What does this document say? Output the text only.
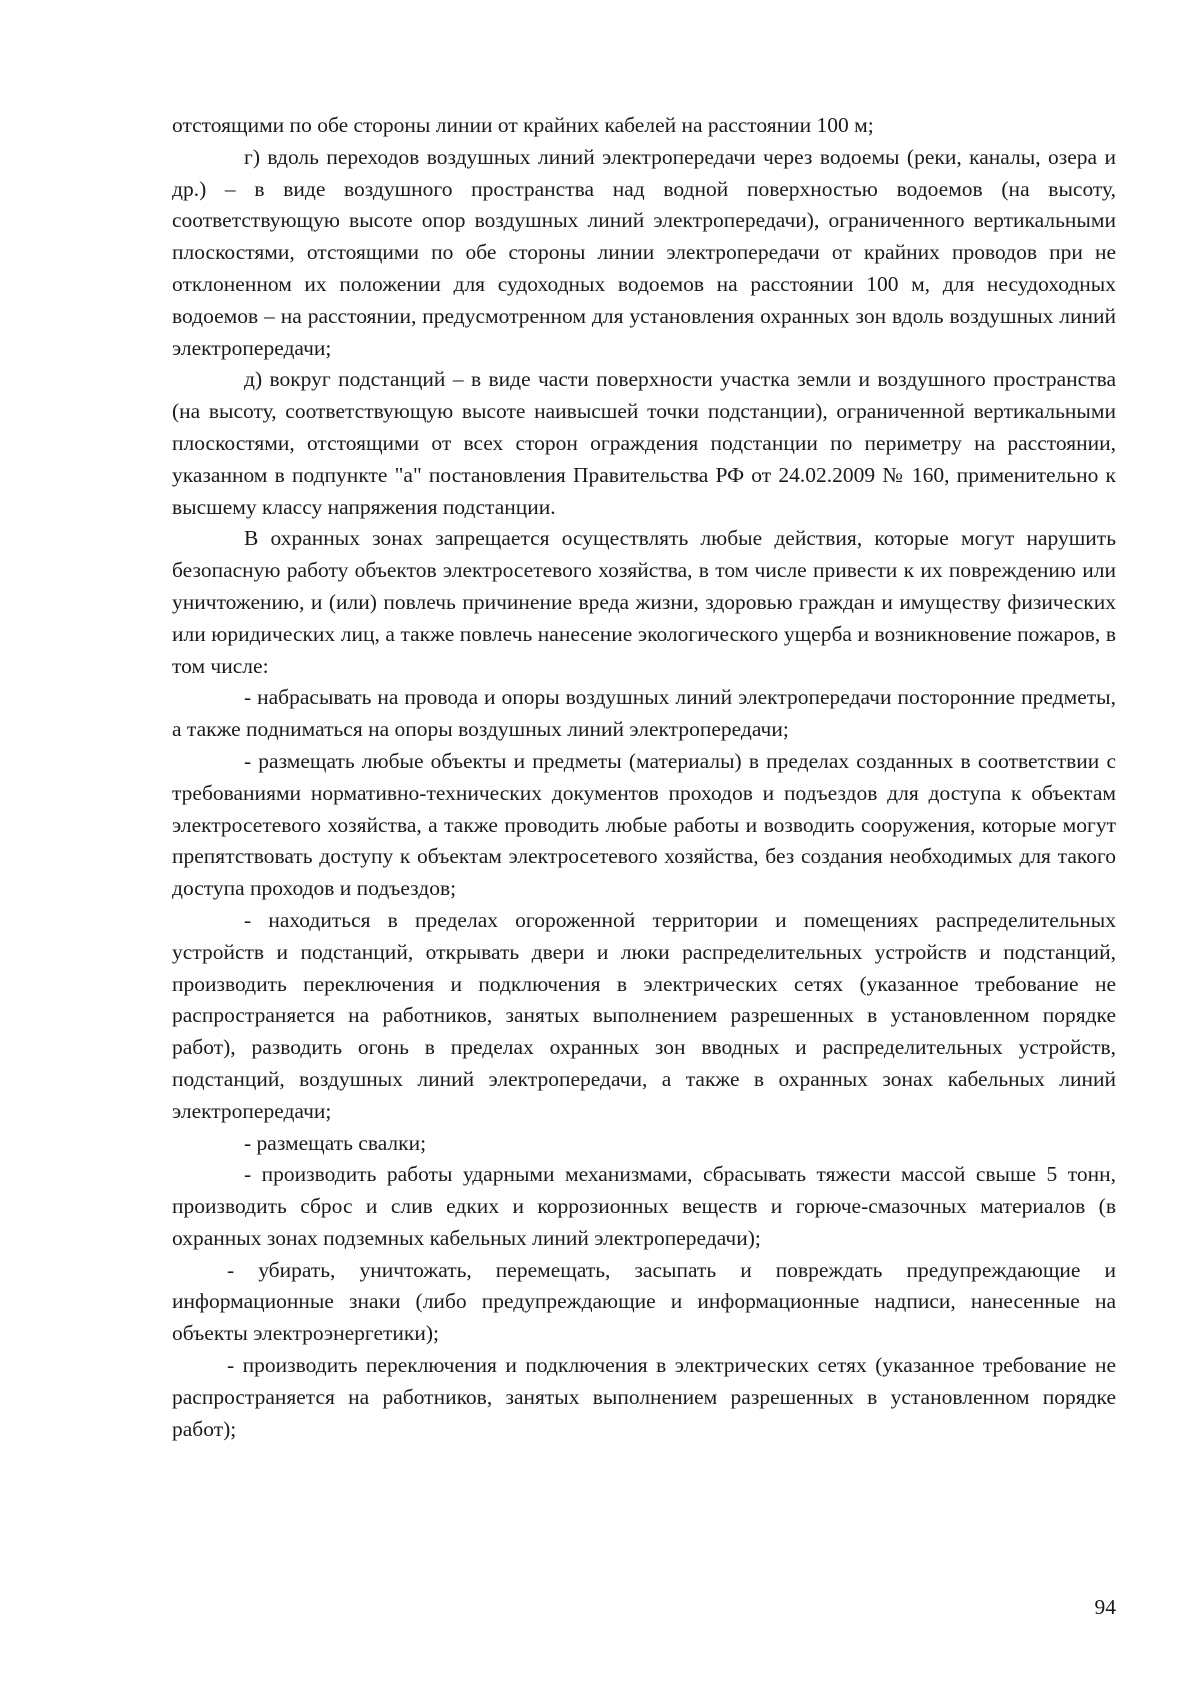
отстоящими по обе стороны линии от крайних кабелей на расстоянии 100 м;

г) вдоль переходов воздушных линий электропередачи через водоемы (реки, каналы, озера и др.) – в виде воздушного пространства над водной поверхностью водоемов (на высоту, соответствующую высоте опор воздушных линий электропередачи), ограниченного вертикальными плоскостями, отстоящими по обе стороны линии электропередачи от крайних проводов при не отклоненном их положении для судоходных водоемов на расстоянии 100 м, для несудоходных водоемов – на расстоянии, предусмотренном для установления охранных зон вдоль воздушных линий электропередачи;

д) вокруг подстанций – в виде части поверхности участка земли и воздушного пространства (на высоту, соответствующую высоте наивысшей точки подстанции), ограниченной вертикальными плоскостями, отстоящими от всех сторон ограждения подстанции по периметру на расстоянии, указанном в подпункте "а" постановления Правительства РФ от 24.02.2009 № 160, применительно к высшему классу напряжения подстанции.

В охранных зонах запрещается осуществлять любые действия, которые могут нарушить безопасную работу объектов электросетевого хозяйства, в том числе привести к их повреждению или уничтожению, и (или) повлечь причинение вреда жизни, здоровью граждан и имуществу физических или юридических лиц, а также повлечь нанесение экологического ущерба и возникновение пожаров, в том числе:

- набрасывать на провода и опоры воздушных линий электропередачи посторонние предметы, а также подниматься на опоры воздушных линий электропередачи;

- размещать любые объекты и предметы (материалы) в пределах созданных в соответствии с требованиями нормативно-технических документов проходов и подъездов для доступа к объектам электросетевого хозяйства, а также проводить любые работы и возводить сооружения, которые могут препятствовать доступу к объектам электросетевого хозяйства, без создания необходимых для такого доступа проходов и подъездов;

- находиться в пределах огороженной территории и помещениях распределительных устройств и подстанций, открывать двери и люки распределительных устройств и подстанций, производить переключения и подключения в электрических сетях (указанное требование не распространяется на работников, занятых выполнением разрешенных в установленном порядке работ), разводить огонь в пределах охранных зон вводных и распределительных устройств, подстанций, воздушных линий электропередачи, а также в охранных зонах кабельных линий электропередачи;

- размещать свалки;

- производить работы ударными механизмами, сбрасывать тяжести массой свыше 5 тонн, производить сброс и слив едких и коррозионных веществ и горюче-смазочных материалов (в охранных зонах подземных кабельных линий электропередачи);

- убирать, уничтожать, перемещать, засыпать и повреждать предупреждающие и информационные знаки (либо предупреждающие и информационные надписи, нанесенные на объекты электроэнергетики);

- производить переключения и подключения в электрических сетях (указанное требование не распространяется на работников, занятых выполнением разрешенных в установленном порядке работ);

94
